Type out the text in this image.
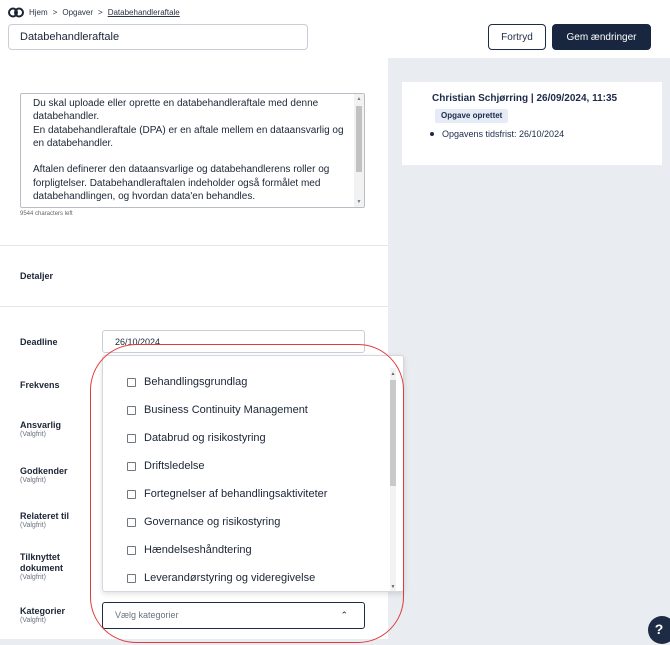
Hjem > Opgaver > Databehandleraftale
Databehandleraftale
Fortryd	Gem ændringer
Christian Schjørring | 26/09/2024, 11:35
Opgave oprettet
Opgavens tidsfrist: 26/10/2024
Du skal uploade eller oprette en databehandleraftale med denne databehandler.
En databehandleraftale (DPA) er en aftale mellem en dataansvarlig og en databehandler.

Aftalen definerer den dataansvarlige og databehandlerens roller og forpligtelser. Databehandleraftalen indeholder også formålet med databehandlingen, og hvordan data'en behandles.
▲
▼
9544 characters left
Detaljer
Deadline
26/10/2024
Frekvens
Ansvarlig
(Valgfrit)
Godkender
(Valgfrit)
Relateret til
(Valgfrit)
Tilknyttet
dokument
(Valgfrit)
Kategorier
(Valgfrit)
Behandlingsgrundlag
Business Continuity Management
Databrud og risikostyring
Driftsledelse
Fortegnelser af behandlingsaktiviteter
Governance og risikostyring
Hændelseshåndtering
Leverandørstyring og videregivelse
▲
▼
Vælg kategorier	⌃
?
